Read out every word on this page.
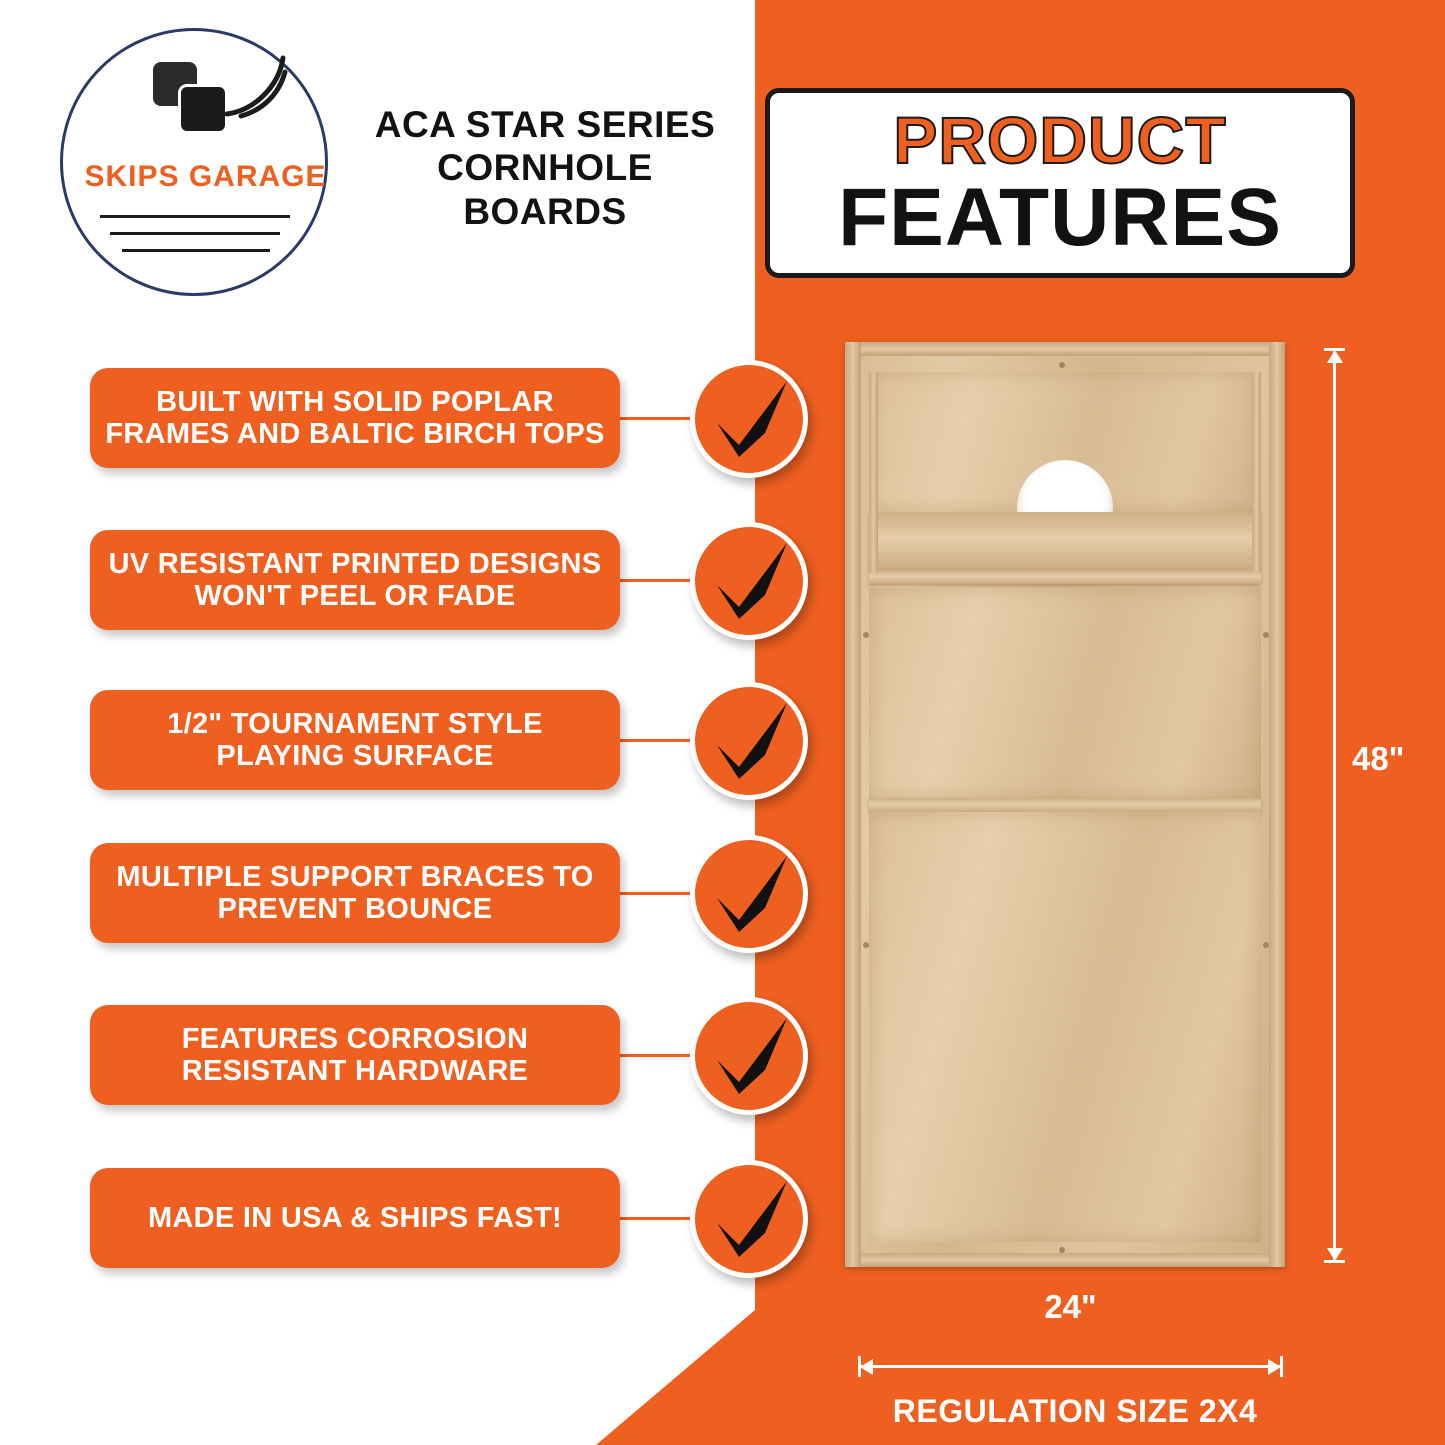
SKIPS GARAGE
ACA STAR SERIES CORNHOLE BOARDS
PRODUCT
FEATURES
BUILT WITH SOLID POPLAR FRAMES AND BALTIC BIRCH TOPS
UV RESISTANT PRINTED DESIGNS WON'T PEEL OR FADE
1/2" TOURNAMENT STYLE PLAYING SURFACE
MULTIPLE SUPPORT BRACES TO PREVENT BOUNCE
FEATURES CORROSION RESISTANT HARDWARE
MADE IN USA & SHIPS FAST!
48"
24"
REGULATION SIZE 2X4
